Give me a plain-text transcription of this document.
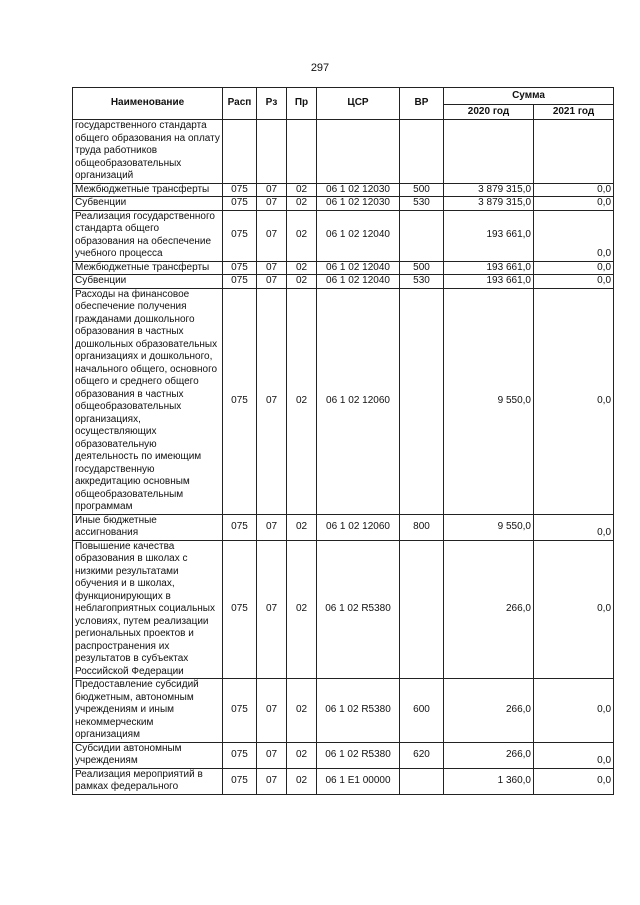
297
Наименование	Расп	Рз	Пр	ЦСР	ВР	Сумма	
						2020 год	2021 год
государственного стандарта общего образования на оплату труда работников общеобразовательных организаций							
Межбюджетные трансферты	075	07	02	06 1 02 12030	500	3 879 315,0	0,0
Субвенции	075	07	02	06 1 02 12030	530	3 879 315,0	0,0
Реализация государственного стандарта общего образования на обеспечение учебного процесса	075	07	02	06 1 02 12040		193 661,0	0,0
Межбюджетные трансферты	075	07	02	06 1 02 12040	500	193 661,0	0,0
Субвенции	075	07	02	06 1 02 12040	530	193 661,0	0,0
Расходы на финансовое обеспечение получения гражданами дошкольного образования в частных дошкольных образовательных организациях и дошкольного, начального общего, основного общего и среднего общего образования в частных общеобразовательных организациях, осуществляющих образовательную деятельность по имеющим государственную аккредитацию основным общеобразовательным программам	075	07	02	06 1 02 12060		9 550,0	0,0
Иные бюджетные ассигнования	075	07	02	06 1 02 12060	800	9 550,0	0,0
Повышение качества образования в школах с низкими результатами обучения и в школах, функционирующих в неблагоприятных социальных условиях, путем реализации региональных проектов и распространения их результатов в субъектах Российской Федерации	075	07	02	06 1 02 R5380		266,0	0,0
Предоставление субсидий бюджетным, автономным учреждениям и иным некоммерческим организациям	075	07	02	06 1 02 R5380	600	266,0	0,0
Субсидии автономным учреждениям	075	07	02	06 1 02 R5380	620	266,0	0,0
Реализация мероприятий в рамках федерального	075	07	02	06 1 E1 00000		1 360,0	0,0
